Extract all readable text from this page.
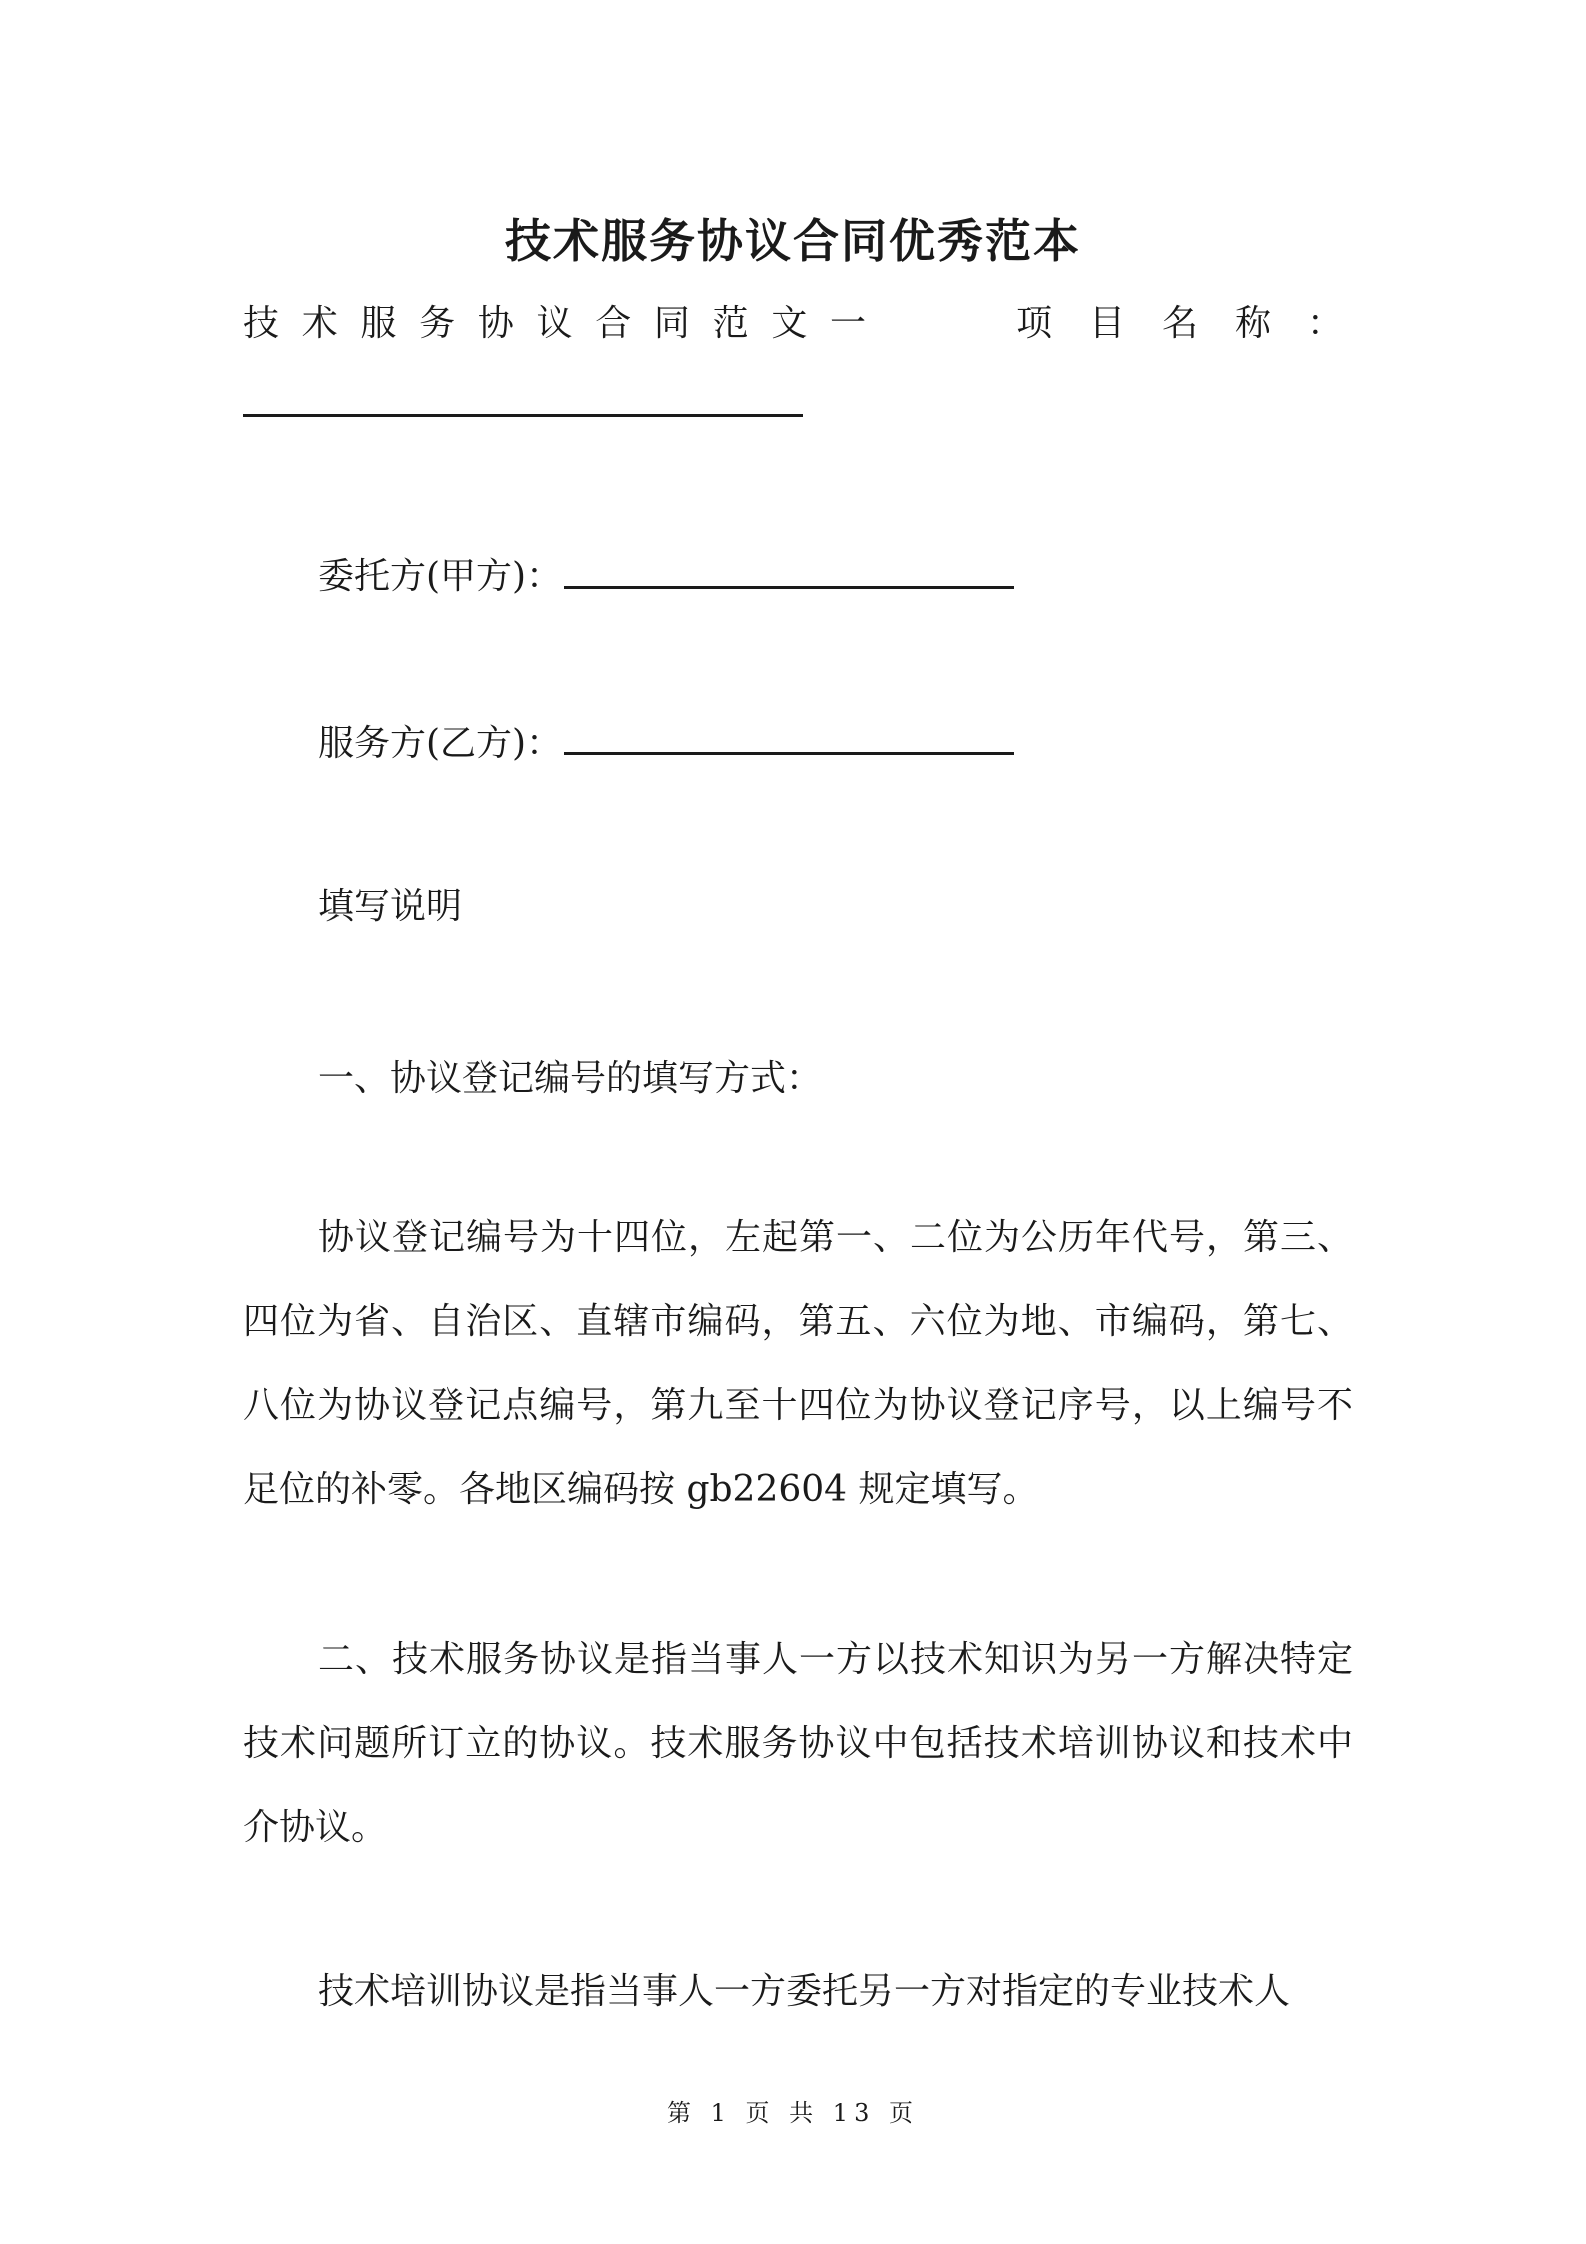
技术服务协议合同优秀范本
技 术 服 务 协 议 合 同 范 文 一	项 目 名 称 ：
委托方(甲方)：
服务方(乙方)：
填写说明
一、协议登记编号的填写方式：
协议登记编号为十四位，左起第一、二位为公历年代号，第三、四位为省、自治区、直辖市编码，第五、六位为地、市编码，第七、八位为协议登记点编号，第九至十四位为协议登记序号，以上编号不足位的补零。各地区编码按 gb22604 规定填写。
二、技术服务协议是指当事人一方以技术知识为另一方解决特定技术问题所订立的协议。技术服务协议中包括技术培训协议和技术中介协议。
技术培训协议是指当事人一方委托另一方对指定的专业技术人
第 1 页 共 13 页
